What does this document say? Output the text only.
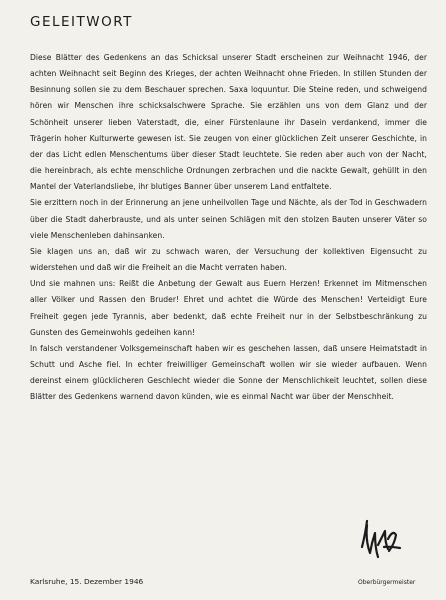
GELEITWORT

Diese Blätter des Gedenkens an das Schicksal unserer Stadt erscheinen zur Weihnacht 1946, der achten Weihnacht seit Beginn des Krieges, der achten Weihnacht ohne Frieden. In stillen Stunden der Besinnung sollen sie zu dem Beschauer sprechen. Saxa loquuntur. Die Steine reden, und schweigend hören wir Menschen ihre schicksalschwere Sprache. Sie erzählen uns von dem Glanz und der Schönheit unserer lieben Vaterstadt, die, einer Fürstenlaune ihr Dasein verdankend, immer die Trägerin hoher Kulturwerte gewesen ist. Sie zeugen von einer glücklichen Zeit unserer Geschichte, in der das Licht edlen Menschentums über dieser Stadt leuchtete. Sie reden aber auch von der Nacht, die hereinbrach, als echte menschliche Ordnungen zerbrachen und die nackte Gewalt, gehüllt in den Mantel der Vaterlandsliebe, ihr blutiges Banner über unserem Land entfaltete.

Sie erzittern noch in der Erinnerung an jene unheilvollen Tage und Nächte, als der Tod in Geschwadern über die Stadt daherbrauste, und als unter seinen Schlägen mit den stolzen Bauten unserer Väter so viele Menschenleben dahinsanken.

Sie klagen uns an, daß wir zu schwach waren, der Versuchung der kollektiven Eigensucht zu widerstehen und daß wir die Freiheit an die Macht verraten haben.

Und sie mahnen uns: Reißt die Anbetung der Gewalt aus Euern Herzen! Erkennet im Mitmenschen aller Völker und Rassen den Bruder! Ehret und achtet die Würde des Menschen! Verteidigt Eure Freiheit gegen jede Tyrannis, aber bedenkt, daß echte Freiheit nur in der Selbstbeschränkung zu Gunsten des Gemeinwohls gedeihen kann!

In falsch verstandener Volksgemeinschaft haben wir es geschehen lassen, daß unsere Heimatstadt in Schutt und Asche fiel. In echter freiwilliger Gemeinschaft wollen wir sie wieder aufbauen. Wenn dereinst einem glücklicheren Geschlecht wieder die Sonne der Menschlichkeit leuchtet, sollen diese Blätter des Gedenkens warnend davon künden, wie es einmal Nacht war über der Menschheit.

Karlsruhe, 15. Dezember 1946	Oberbürgermeister
